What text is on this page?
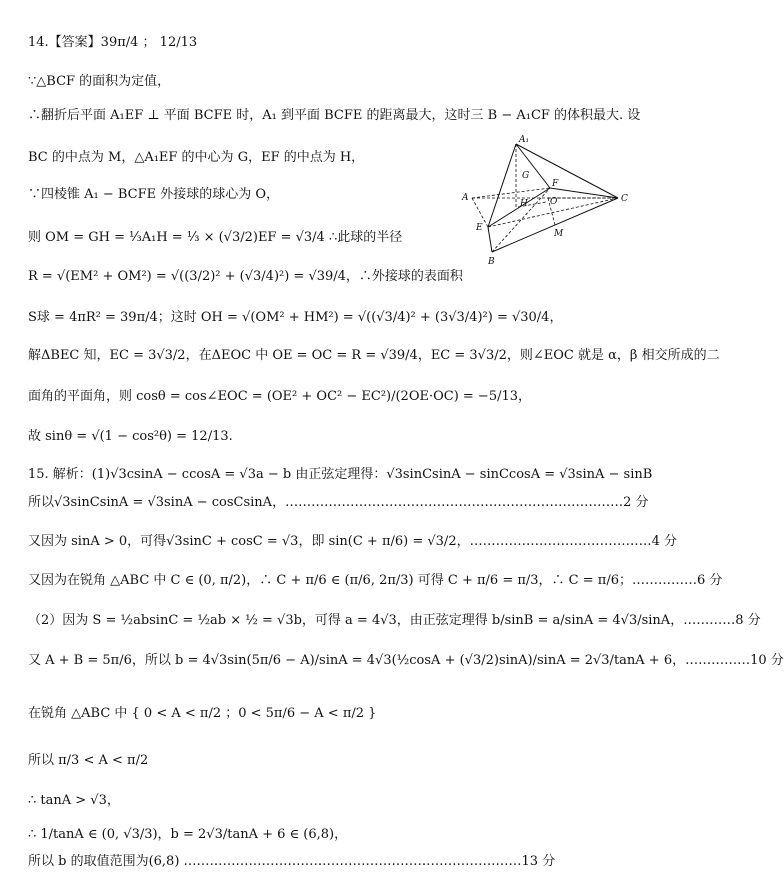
14.【答案】39π/4 ； 12/13
∵△BCF 的面积为定值，
∴翻折后平面 A₁EF ⊥ 平面 BCFE 时，A₁ 到平面 BCFE 的距离最大，这时三 B − A₁CF 的体积最大. 设
BC 的中点为 M，△A₁EF 的中心为 G，EF 的中点为 H，
∵四棱锥 A₁ − BCFE 外接球的球心为 O，
则 OM = GH = ⅓A₁H = ⅓ × (√3/2)EF = √3/4 ∴此球的半径
R = √(EM² + OM²) = √((3/2)² + (√3/4)²) = √39/4，∴外接球的表面积
S球 = 4πR² = 39π/4；这时 OH = √(OM² + HM²) = √((√3/4)² + (3√3/4)²) = √30/4，
解ΔBEC 知，EC = 3√3/2，在ΔEOC 中 OE = OC = R = √39/4，EC = 3√3/2，则∠EOC 就是 α，β 相交所成的二
面角的平面角，则 cosθ = cos∠EOC = (OE² + OC² − EC²)/(2OE·OC) = −5/13，
故 sinθ = √(1 − cos²θ) = 12/13.
15. 解析：(1)√3csinA − ccosA = √3a − b 由正弦定理得：√3sinCsinA − sinCcosA = √3sinA − sinB
所以√3sinCsinA = √3sinA − cosCsinA，……………………………………………………………………2 分
又因为 sinA > 0，可得√3sinC + cosC = √3，即 sin(C + π/6) = √3/2，……………………………………4 分
又因为在锐角 △ABC 中 C ∈ (0, π/2)，∴ C + π/6 ∈ (π/6, 2π/3) 可得 C + π/6 = π/3，∴ C = π/6；……………6 分
（2）因为 S = ½absinC = ½ab × ½ = √3b，可得 a = 4√3，由正弦定理得 b/sinB = a/sinA = 4√3/sinA，…………8 分
又 A + B = 5π/6，所以 b = 4√3sin(5π/6 − A)/sinA = 4√3(½cosA + (√3/2)sinA)/sinA = 2√3/tanA + 6，……………10 分
在锐角 △ABC 中 { 0 < A < π/2 ；0 < 5π/6 − A < π/2 }
所以 π/3 < A < π/2
∴ tanA > √3，
∴ 1/tanA ∈ (0, √3/3)，b = 2√3/tanA + 6 ∈ (6,8)，
所以 b 的取值范围为(6,8) ……………………………………………………………………13 分
A₁
G
F
H O
A	C
E
M
B
